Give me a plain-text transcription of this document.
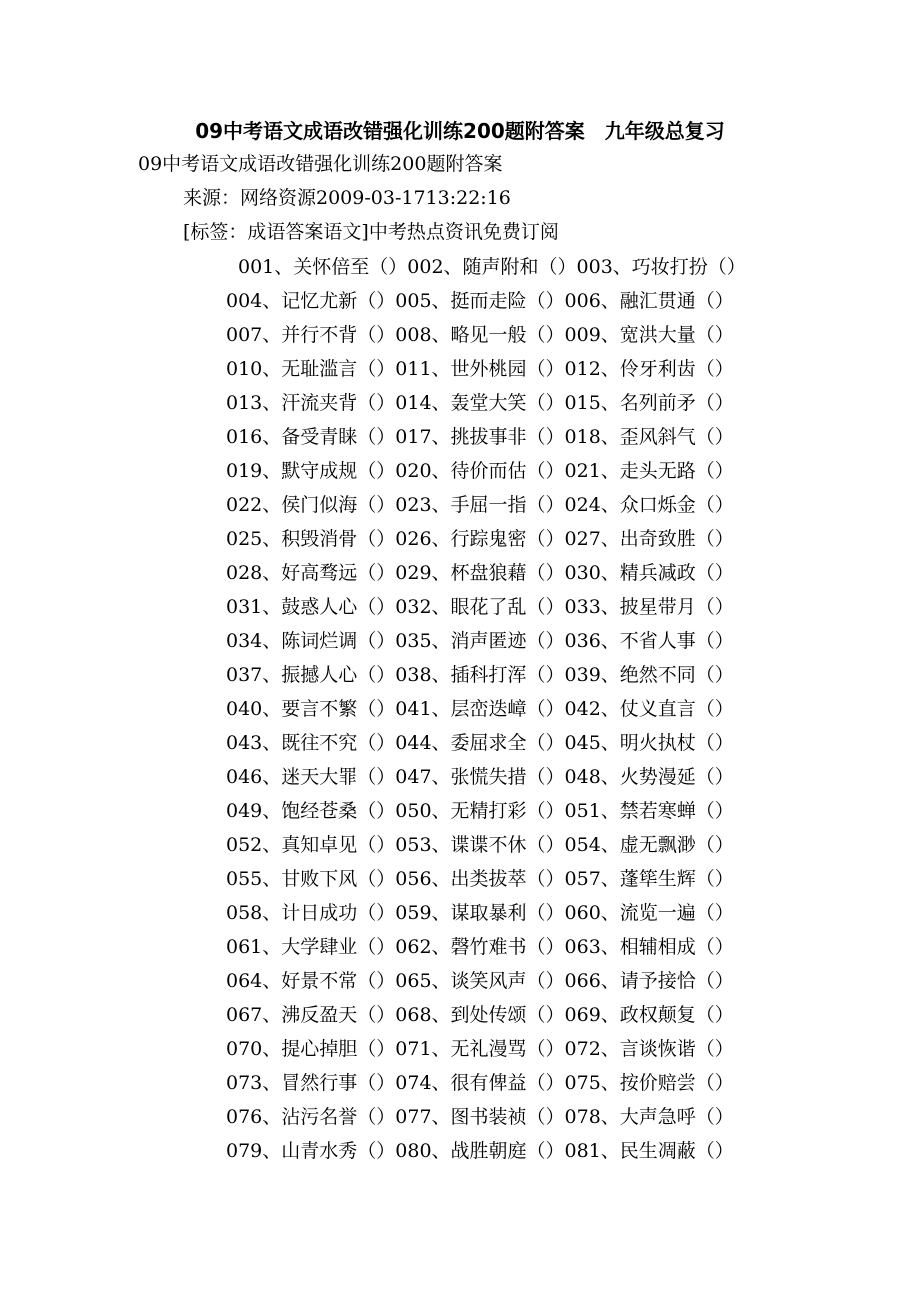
09中考语文成语改错强化训练200题附答案　九年级总复习
09中考语文成语改错强化训练200题附答案
来源：网络资源2009-03-1713:22:16
[标签：成语答案语文]中考热点资讯免费订阅
001、关怀倍至（）002、随声附和（）003、巧妆打扮（）
004、记忆尤新（）005、挺而走险（）006、融汇贯通（）
007、并行不背（）008、略见一般（）009、宽洪大量（）
010、无耻滥言（）011、世外桃园（）012、伶牙利齿（）
013、汗流夹背（）014、轰堂大笑（）015、名列前矛（）
016、备受青睐（）017、挑拔事非（）018、歪风斜气（）
019、默守成规（）020、待价而估（）021、走头无路（）
022、侯门似海（）023、手屈一指（）024、众口烁金（）
025、积毁消骨（）026、行踪鬼密（）027、出奇致胜（）
028、好高骛远（）029、杯盘狼藉（）030、精兵减政（）
031、鼓惑人心（）032、眼花了乱（）033、披星带月（）
034、陈词烂调（）035、消声匿迹（）036、不省人事（）
037、振撼人心（）038、插科打浑（）039、绝然不同（）
040、要言不繁（）041、层峦迭嶂（）042、仗义直言（）
043、既往不究（）044、委屈求全（）045、明火执杖（）
046、迷天大罪（）047、张慌失措（）048、火势漫延（）
049、饱经苍桑（）050、无精打彩（）051、禁若寒蝉（）
052、真知卓见（）053、谍谍不休（）054、虚无飘渺（）
055、甘败下风（）056、出类拔萃（）057、蓬筚生辉（）
058、计日成功（）059、谋取暴利（）060、流览一遍（）
061、大学肆业（）062、磬竹难书（）063、相辅相成（）
064、好景不常（）065、谈笑风声（）066、请予接恰（）
067、沸反盈天（）068、到处传颂（）069、政权颠复（）
070、提心掉胆（）071、无礼漫骂（）072、言谈恢谐（）
073、冒然行事（）074、很有俾益（）075、按价赔尝（）
076、沾污名誉（）077、图书装祯（）078、大声急呼（）
079、山青水秀（）080、战胜朝庭（）081、民生凋蔽（）
